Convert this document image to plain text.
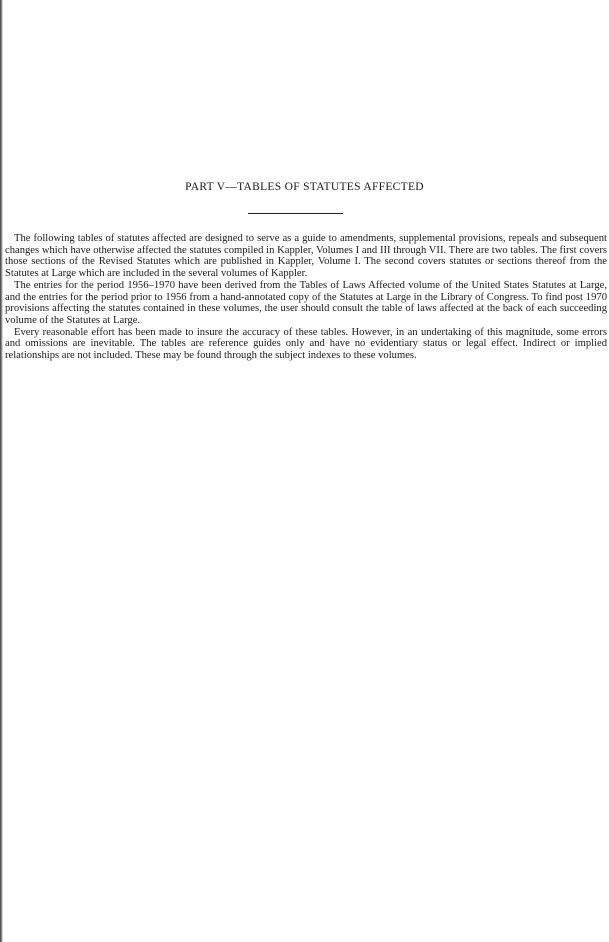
PART V—TABLES OF STATUTES AFFECTED

The following tables of statutes affected are designed to serve as a guide to amendments, supplemental provisions, repeals and subsequent changes which have otherwise affected the statutes compiled in Kappler, Volumes I and III through VII. There are two tables. The first covers those sections of the Revised Statutes which are published in Kappler, Volume I. The second covers statutes or sections thereof from the Statutes at Large which are included in the several volumes of Kappler.

The entries for the period 1956–1970 have been derived from the Tables of Laws Affected volume of the United States Statutes at Large, and the entries for the period prior to 1956 from a hand-annotated copy of the Statutes at Large in the Library of Congress. To find post 1970 provisions affecting the statutes contained in these volumes, the user should consult the table of laws affected at the back of each succeeding volume of the Statutes at Large.

Every reasonable effort has been made to insure the accuracy of these tables. However, in an undertaking of this magnitude, some errors and omissions are inevitable. The tables are reference guides only and have no evidentiary status or legal effect. Indirect or implied relationships are not included. These may be found through the subject indexes to these volumes.
